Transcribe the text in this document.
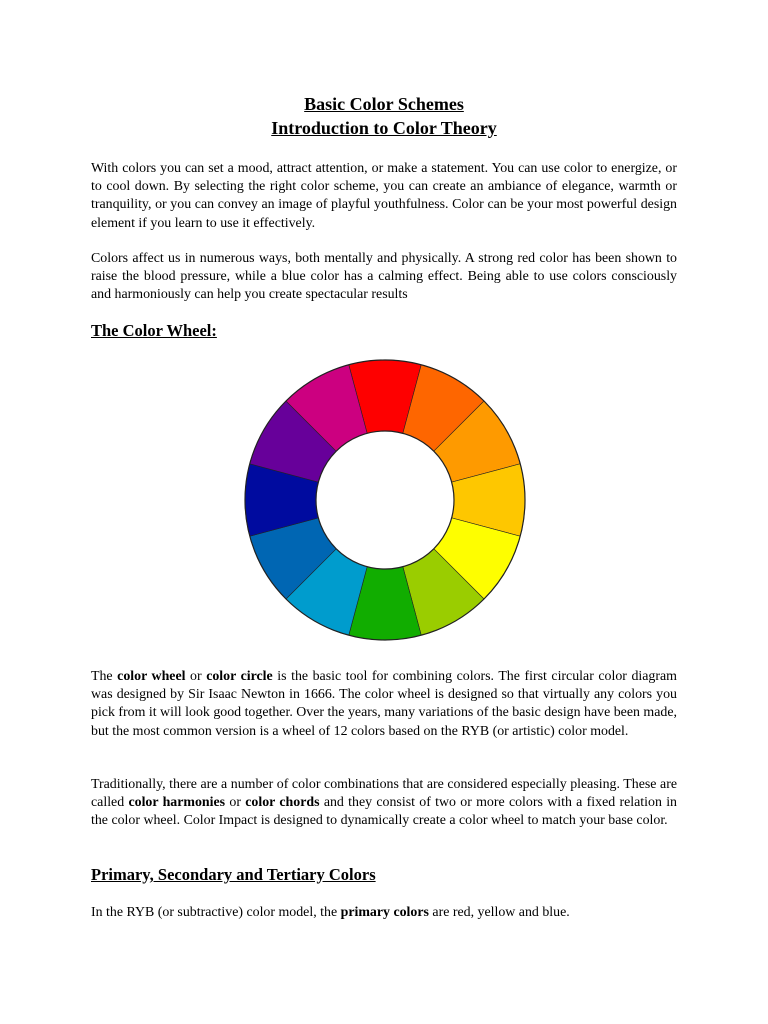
Basic Color Schemes
Introduction to Color Theory

With colors you can set a mood, attract attention, or make a statement. You can use color to energize, or to cool down. By selecting the right color scheme, you can create an ambiance of elegance, warmth or tranquility, or you can convey an image of playful youthfulness. Color can be your most powerful design element if you learn to use it effectively.

Colors affect us in numerous ways, both mentally and physically. A strong red color has been shown to raise the blood pressure, while a blue color has a calming effect. Being able to use colors consciously and harmoniously can help you create spectacular results

The Color Wheel:

The color wheel or color circle is the basic tool for combining colors. The first circular color diagram was designed by Sir Isaac Newton in 1666. The color wheel is designed so that virtually any colors you pick from it will look good together. Over the years, many variations of the basic design have been made, but the most common version is a wheel of 12 colors based on the RYB (or artistic) color model.

Traditionally, there are a number of color combinations that are considered especially pleasing. These are called color harmonies or color chords and they consist of two or more colors with a fixed relation in the color wheel. Color Impact is designed to dynamically create a color wheel to match your base color.

Primary, Secondary and Tertiary Colors

In the RYB (or subtractive) color model, the primary colors are red, yellow and blue.
